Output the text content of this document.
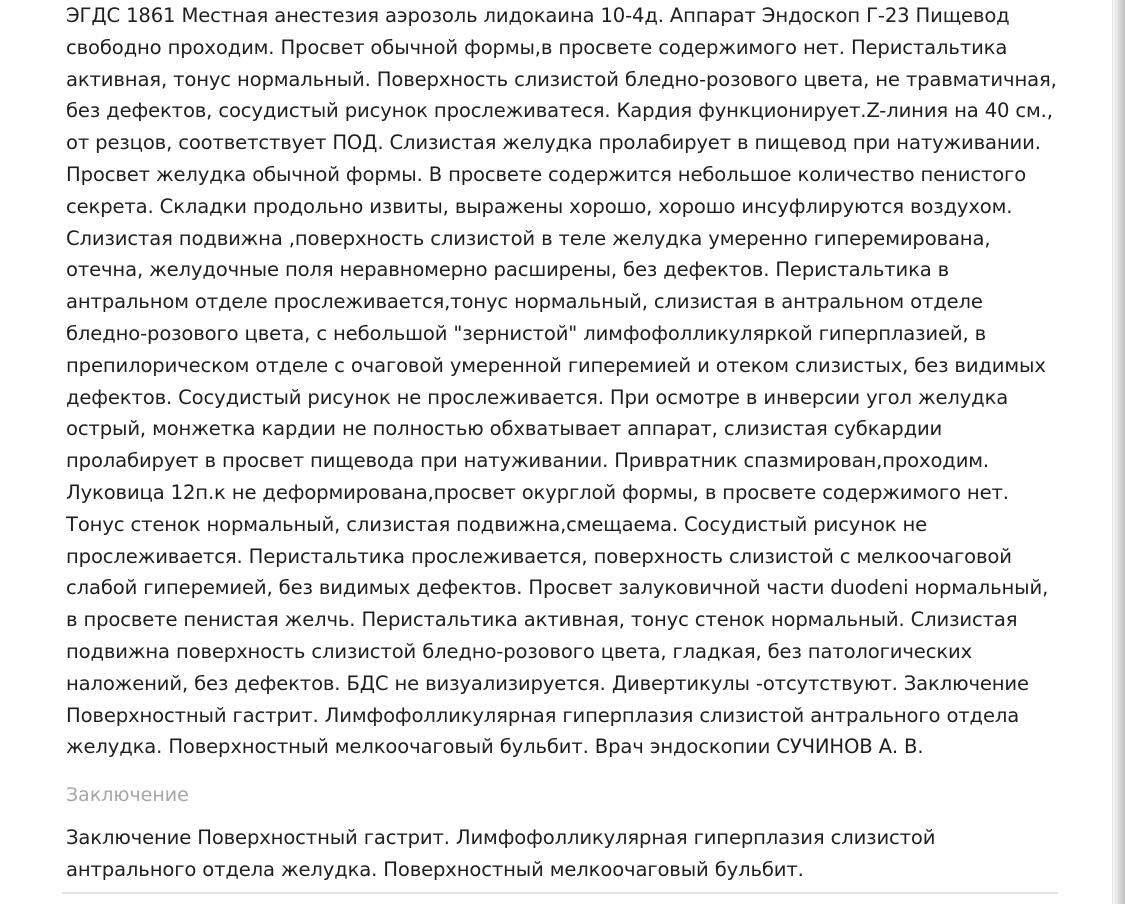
ЭГДС 1861 Местная анестезия аэрозоль лидокаина 10-4д. Аппарат Эндоскоп Г-23 Пищевод
свободно проходим. Просвет обычной формы,в просвете содержимого нет. Перистальтика
активная, тонус нормальный. Поверхность слизистой бледно-розового цвета, не травматичная,
без дефектов, сосудистый рисунок прослеживатеся. Кардия функционирует.Z-линия на 40 см.,
от резцов, соответствует ПОД. Слизистая желудка пролабирует в пищевод при натуживании.
Просвет желудка обычной формы. В просвете содержится небольшое количество пенистого
секрета. Складки продольно извиты, выражены хорошо, хорошо инсуфлируются воздухом.
Слизистая подвижна ,поверхность слизистой в теле желудка умеренно гиперемирована,
отечна, желудочные поля неравномерно расширены, без дефектов. Перистальтика в
антральном отделе прослеживается,тонус нормальный, слизистая в антральном отделе
бледно-розового цвета, с небольшой "зернистой" лимфофолликуляркой гиперплазией, в
препилорическом отделе с очаговой умеренной гиперемией и отеком слизистых, без видимых
дефектов. Сосудистый рисунок не прослеживается. При осмотре в инверсии угол желудка
острый, монжетка кардии не полностью обхватывает аппарат, слизистая субкардии
пролабирует в просвет пищевода при натуживании. Привратник спазмирован,проходим.
Луковица 12п.к не деформирована,просвет окурглой формы, в просвете содержимого нет.
Тонус стенок нормальный, слизистая подвижна,смещаема. Сосудистый рисунок не
прослеживается. Перистальтика прослеживается, поверхность слизистой с мелкоочаговой
слабой гиперемией, без видимых дефектов. Просвет залуковичной части duodeni нормальный,
в просвете пенистая желчь. Перистальтика активная, тонус стенок нормальный. Слизистая
подвижна поверхность слизистой бледно-розового цвета, гладкая, без патологических
наложений, без дефектов. БДС не визуализируется. Дивертикулы -отсутствуют. Заключение
Поверхностный гастрит. Лимфофолликулярная гиперплазия слизистой антрального отдела
желудка. Поверхностный мелкоочаговый бульбит. Врач эндоскопии СУЧИНОВ А. В.

Заключение

Заключение Поверхностный гастрит. Лимфофолликулярная гиперплазия слизистой
антрального отдела желудка. Поверхностный мелкоочаговый бульбит.
